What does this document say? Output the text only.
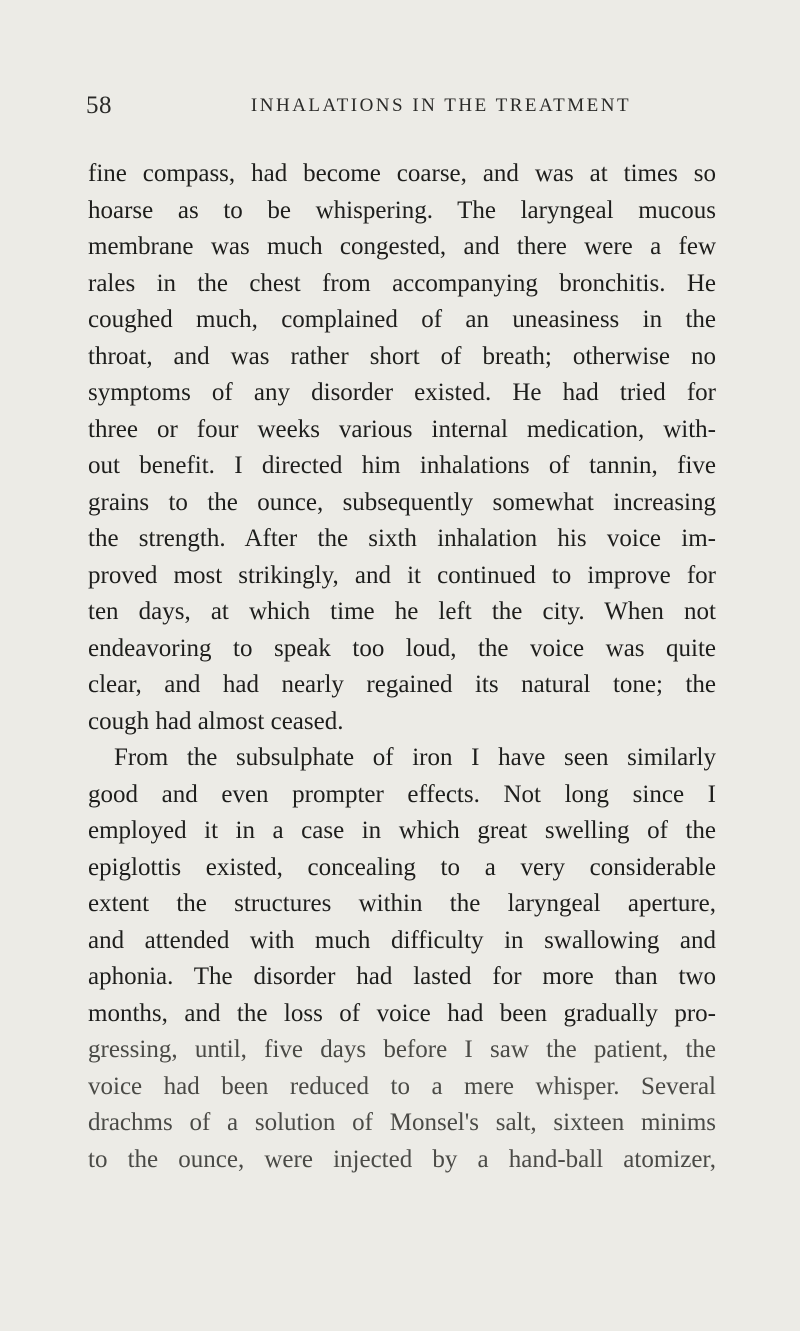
58	INHALATIONS IN THE TREATMENT
fine compass, had become coarse, and was at times so
hoarse as to be whispering. The laryngeal mucous
membrane was much congested, and there were a few
rales in the chest from accompanying bronchitis. He
coughed much, complained of an uneasiness in the
throat, and was rather short of breath; otherwise no
symptoms of any disorder existed. He had tried for
three or four weeks various internal medication, with-
out benefit. I directed him inhalations of tannin, five
grains to the ounce, subsequently somewhat increasing
the strength. After the sixth inhalation his voice im-
proved most strikingly, and it continued to improve for
ten days, at which time he left the city. When not
endeavoring to speak too loud, the voice was quite
clear, and had nearly regained its natural tone; the
cough had almost ceased.
From the subsulphate of iron I have seen similarly
good and even prompter effects. Not long since I
employed it in a case in which great swelling of the
epiglottis existed, concealing to a very considerable
extent the structures within the laryngeal aperture,
and attended with much difficulty in swallowing and
aphonia. The disorder had lasted for more than two
months, and the loss of voice had been gradually pro-
gressing, until, five days before I saw the patient, the
voice had been reduced to a mere whisper. Several
drachms of a solution of Monsel's salt, sixteen minims
to the ounce, were injected by a hand-ball atomizer,
